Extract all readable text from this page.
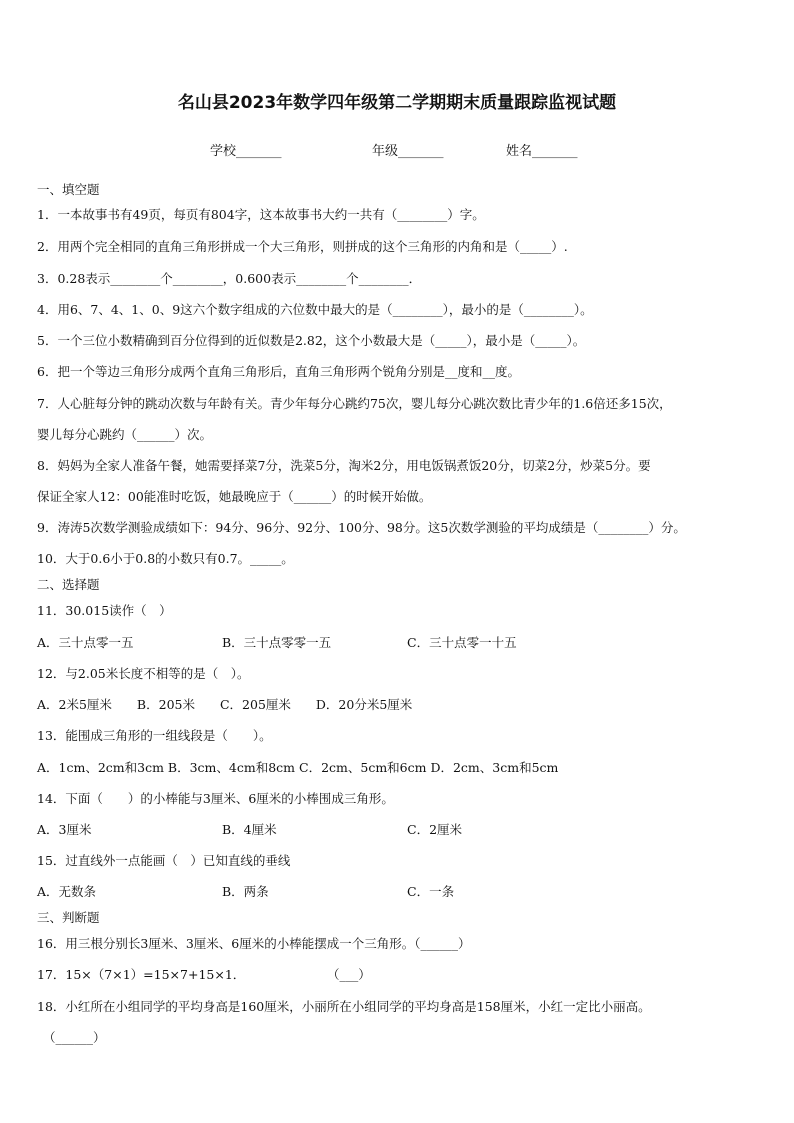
名山县2023年数学四年级第二学期期末质量跟踪监视试题
学校_______	年级_______	姓名_______
一、填空题
1．一本故事书有49页，每页有804字，这本故事书大约一共有（________）字。
2．用两个完全相同的直角三角形拼成一个大三角形，则拼成的这个三角形的内角和是（_____）.
3．0.28表示________个________，0.600表示________个________．
4．用6、7、4、1、0、9这六个数字组成的六位数中最大的是（________），最小的是（________）。
5．一个三位小数精确到百分位得到的近似数是2.82，这个小数最大是（_____），最小是（_____）。
6．把一个等边三角形分成两个直角三角形后，直角三角形两个锐角分别是__度和__度。
7．人心脏每分钟的跳动次数与年龄有关。青少年每分心跳约75次，婴儿每分心跳次数比青少年的1.6倍还多15次，
婴儿每分心跳约（______）次。
8．妈妈为全家人准备午餐，她需要择菜7分，洗菜5分，淘米2分，用电饭锅煮饭20分，切菜2分，炒菜5分。要
保证全家人12：00能准时吃饭，她最晚应于（______）的时候开始做。
9．涛涛5次数学测验成绩如下：94分、96分、92分、100分、98分。这5次数学测验的平均成绩是（________）分。
10．大于0.6小于0.8的小数只有0.7。_____。
二、选择题
11．30.015读作（　）
A．三十点零一五	B．三十点零零一五	C．三十点零一十五
12．与2.05米长度不相等的是（　）。
A．2米5厘米　　B．205米　　C．205厘米　　D．20分米5厘米
13．能围成三角形的一组线段是（　　）。
A．1cm、2cm和3cm B．3cm、4cm和8cm C．2cm、5cm和6cm D．2cm、3cm和5cm
14．下面（　　）的小棒能与3厘米、6厘米的小棒围成三角形。
A．3厘米	B．4厘米	C．2厘米
15．过直线外一点能画（　）已知直线的垂线
A．无数条	B．两条	C．一条
三、判断题
16．用三根分别长3厘米、3厘米、6厘米的小棒能摆成一个三角形。（______）
17．15×（7×1）=15×7+15×1．	（___）
18．小红所在小组同学的平均身高是160厘米，小丽所在小组同学的平均身高是158厘米，小红一定比小丽高。
（______）
